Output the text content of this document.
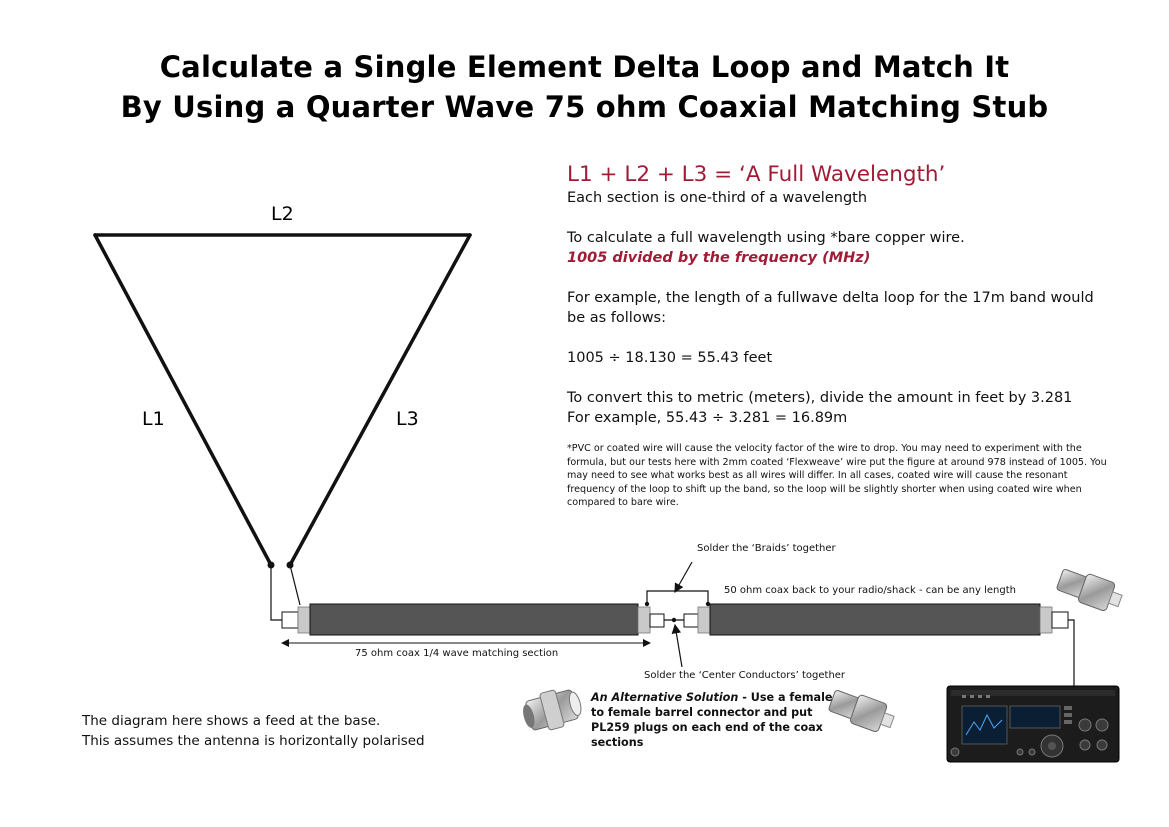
Calculate a Single Element Delta Loop and Match It
By Using a Quarter Wave 75 ohm Coaxial Matching Stub
L2
L1	L3

L1 + L2 + L3 = ‘A Full Wavelength’

Each section is one-third of a wavelength

To calculate a full wavelength using *bare copper wire.

1005 divided by the frequency (MHz)

For example, the length of a fullwave delta loop for the 17m band would be as follows:

1005 ÷ 18.130 = 55.43 feet

To convert this to metric (meters), divide the amount in feet by 3.281

For example, 55.43 ÷ 3.281 = 16.89m

*PVC or coated wire will cause the velocity factor of the wire to drop. You may need to experiment with the formula, but our tests here with 2mm coated ‘Flexweave’ wire put the figure at around 978 instead of 1005. You may need to see what works best as all wires will differ. In all cases, coated wire will cause the resonant frequency of the loop to shift up the band, so the loop will be slightly shorter when using coated wire when compared to bare wire.

Solder the ‘Braids’ together
50 ohm coax back to your radio/shack - can be any length
75 ohm coax 1/4 wave matching section
Solder the ‘Center Conductors’ together
An Alternative Solution - Use a female to female barrel connector and put PL259 plugs on each end of the coax sections
The diagram here shows a feed at the base.
This assumes the antenna is horizontally polarised
